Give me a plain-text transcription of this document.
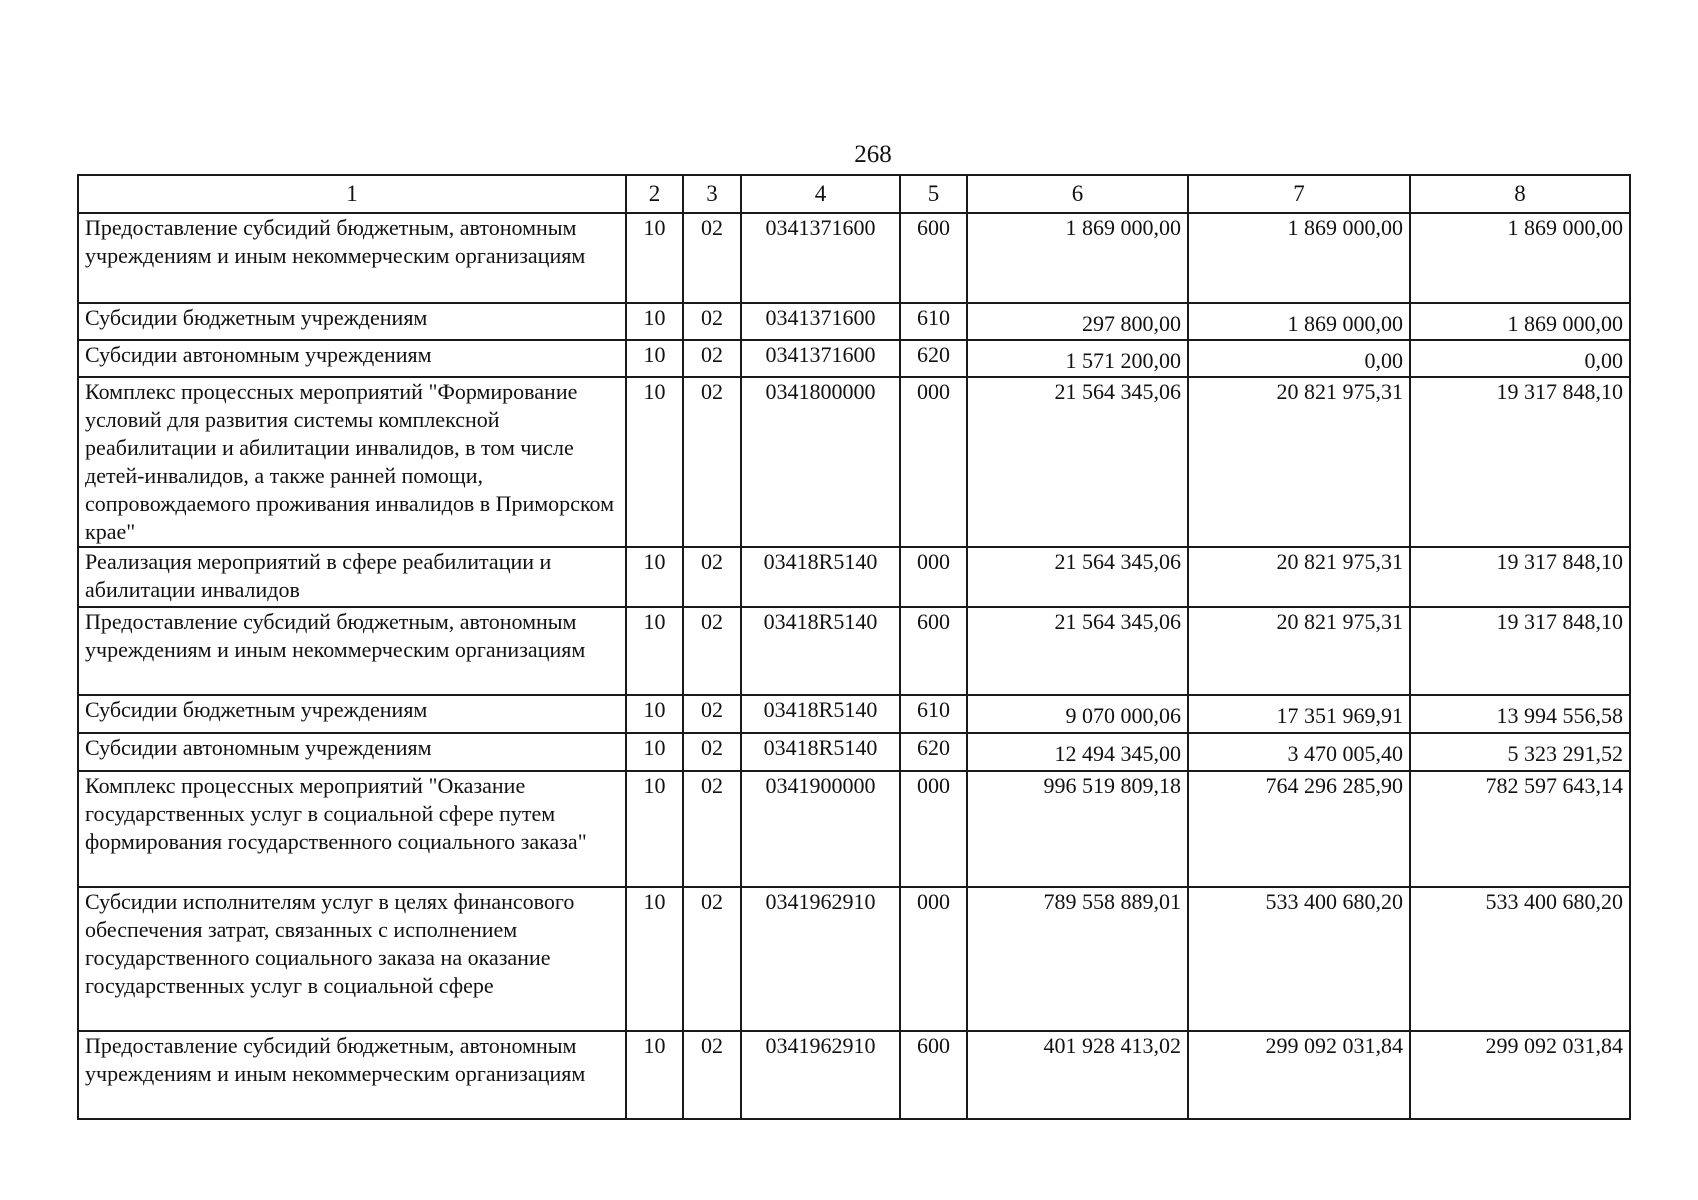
268
1	2	3	4	5	6	7	8
Предоставление субсидий бюджетным, автономным учреждениям и иным некоммерческим организациям	10	02	0341371600	600	1 869 000,00	1 869 000,00	1 869 000,00
Субсидии бюджетным учреждениям	10	02	0341371600	610	297 800,00	1 869 000,00	1 869 000,00
Субсидии автономным учреждениям	10	02	0341371600	620	1 571 200,00	0,00	0,00
Комплекс процессных мероприятий "Формирование условий для развития системы комплексной реабилитации и абилитации инвалидов, в том числе детей-инвалидов, а также ранней помощи, сопровождаемого проживания инвалидов в Приморском крае"	10	02	0341800000	000	21 564 345,06	20 821 975,31	19 317 848,10
Реализация мероприятий в сфере реабилитации и абилитации инвалидов	10	02	03418R5140	000	21 564 345,06	20 821 975,31	19 317 848,10
Предоставление субсидий бюджетным, автономным учреждениям и иным некоммерческим организациям	10	02	03418R5140	600	21 564 345,06	20 821 975,31	19 317 848,10
Субсидии бюджетным учреждениям	10	02	03418R5140	610	9 070 000,06	17 351 969,91	13 994 556,58
Субсидии автономным учреждениям	10	02	03418R5140	620	12 494 345,00	3 470 005,40	5 323 291,52
Комплекс процессных мероприятий "Оказание государственных услуг в социальной сфере путем формирования государственного социального заказа"	10	02	0341900000	000	996 519 809,18	764 296 285,90	782 597 643,14
Субсидии исполнителям услуг в целях финансового обеспечения затрат, связанных с исполнением государственного социального заказа на оказание государственных услуг в социальной сфере	10	02	0341962910	000	789 558 889,01	533 400 680,20	533 400 680,20
Предоставление субсидий бюджетным, автономным учреждениям и иным некоммерческим организациям	10	02	0341962910	600	401 928 413,02	299 092 031,84	299 092 031,84
